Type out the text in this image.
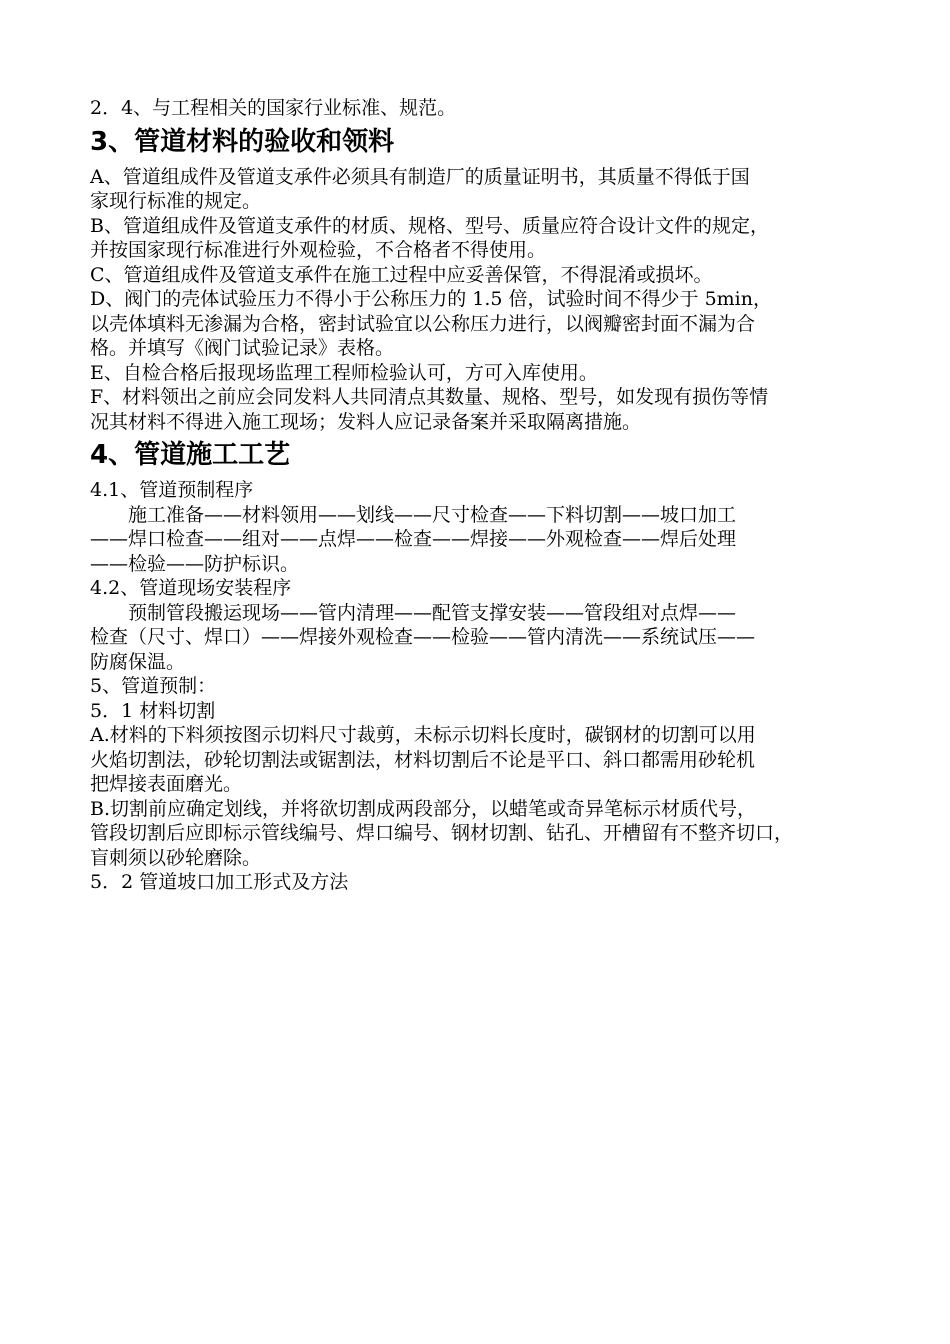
2．4、与工程相关的国家行业标准、规范。
3、管道材料的验收和领料
A、管道组成件及管道支承件必须具有制造厂的质量证明书，其质量不得低于国
家现行标准的规定。
B、管道组成件及管道支承件的材质、规格、型号、质量应符合设计文件的规定，
并按国家现行标准进行外观检验，不合格者不得使用。
C、管道组成件及管道支承件在施工过程中应妥善保管，不得混淆或损坏。
D、阀门的壳体试验压力不得小于公称压力的 1.5 倍，试验时间不得少于 5min，
以壳体填料无渗漏为合格，密封试验宜以公称压力进行，以阀瓣密封面不漏为合
格。并填写《阀门试验记录》表格。
E、自检合格后报现场监理工程师检验认可，方可入库使用。
F、材料领出之前应会同发料人共同清点其数量、规格、型号，如发现有损伤等情
况其材料不得进入施工现场；发料人应记录备案并采取隔离措施。
4、管道施工工艺
4.1、管道预制程序
施工准备——材料领用——划线——尺寸检查——下料切割——坡口加工
——焊口检查——组对——点焊——检查——焊接——外观检查——焊后处理
——检验——防护标识。
4.2、管道现场安装程序
预制管段搬运现场——管内清理——配管支撑安装——管段组对点焊——
检查（尺寸、焊口）——焊接外观检查——检验——管内清洗——系统试压——
防腐保温。
5、管道预制：
5．1 材料切割
A.材料的下料须按图示切料尺寸裁剪，未标示切料长度时，碳钢材的切割可以用
火焰切割法，砂轮切割法或锯割法，材料切割后不论是平口、斜口都需用砂轮机
把焊接表面磨光。
B.切割前应确定划线，并将欲切割成两段部分，以蜡笔或奇异笔标示材质代号，
管段切割后应即标示管线编号、焊口编号、钢材切割、钻孔、开槽留有不整齐切口，
盲刺须以砂轮磨除。
5．2 管道坡口加工形式及方法
